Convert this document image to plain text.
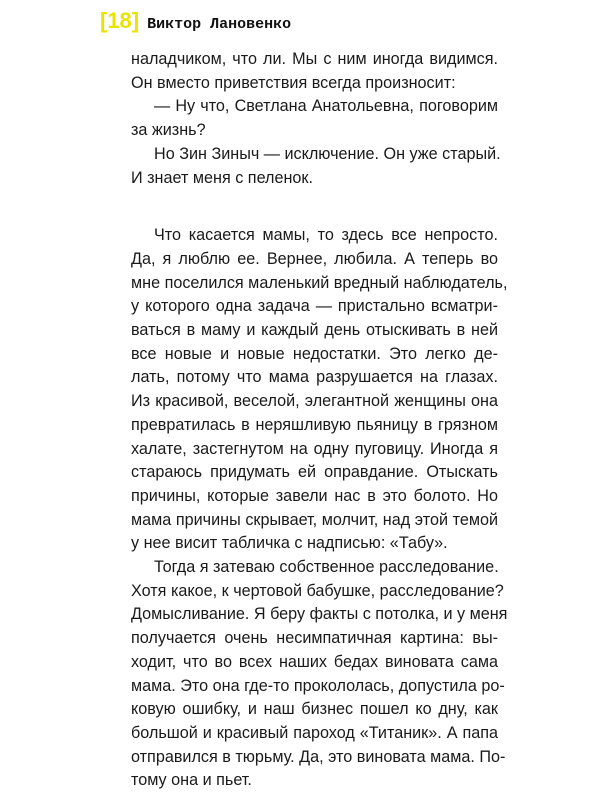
[18] Виктор Лановенко
наладчиком, что ли. Мы с ним иногда видимся.
Он вместо приветствия всегда произносит:
— Ну что, Светлана Анатольевна, поговорим
за жизнь?
Но Зин Зиныч — исключение. Он уже старый.
И знает меня с пеленок.
Что касается мамы, то здесь все непросто.
Да, я люблю ее. Вернее, любила. А теперь во
мне поселился маленький вредный наблюдатель,
у которого одна задача — пристально всматри-
ваться в маму и каждый день отыскивать в ней
все новые и новые недостатки. Это легко де-
лать, потому что мама разрушается на глазах.
Из красивой, веселой, элегантной женщины она
превратилась в неряшливую пьяницу в грязном
халате, застегнутом на одну пуговицу. Иногда я
стараюсь придумать ей оправдание. Отыскать
причины, которые завели нас в это болото. Но
мама причины скрывает, молчит, над этой темой
у нее висит табличка с надписью: «Табу».
Тогда я затеваю собственное расследование.
Хотя какое, к чертовой бабушке, расследование?
Домысливание. Я беру факты с потолка, и у меня
получается очень несимпатичная картина: вы-
ходит, что во всех наших бедах виновата сама
мама. Это она где-то прокололась, допустила ро-
ковую ошибку, и наш бизнес пошел ко дну, как
большой и красивый пароход «Титаник». А папа
отправился в тюрьму. Да, это виновата мама. По-
тому она и пьет.
